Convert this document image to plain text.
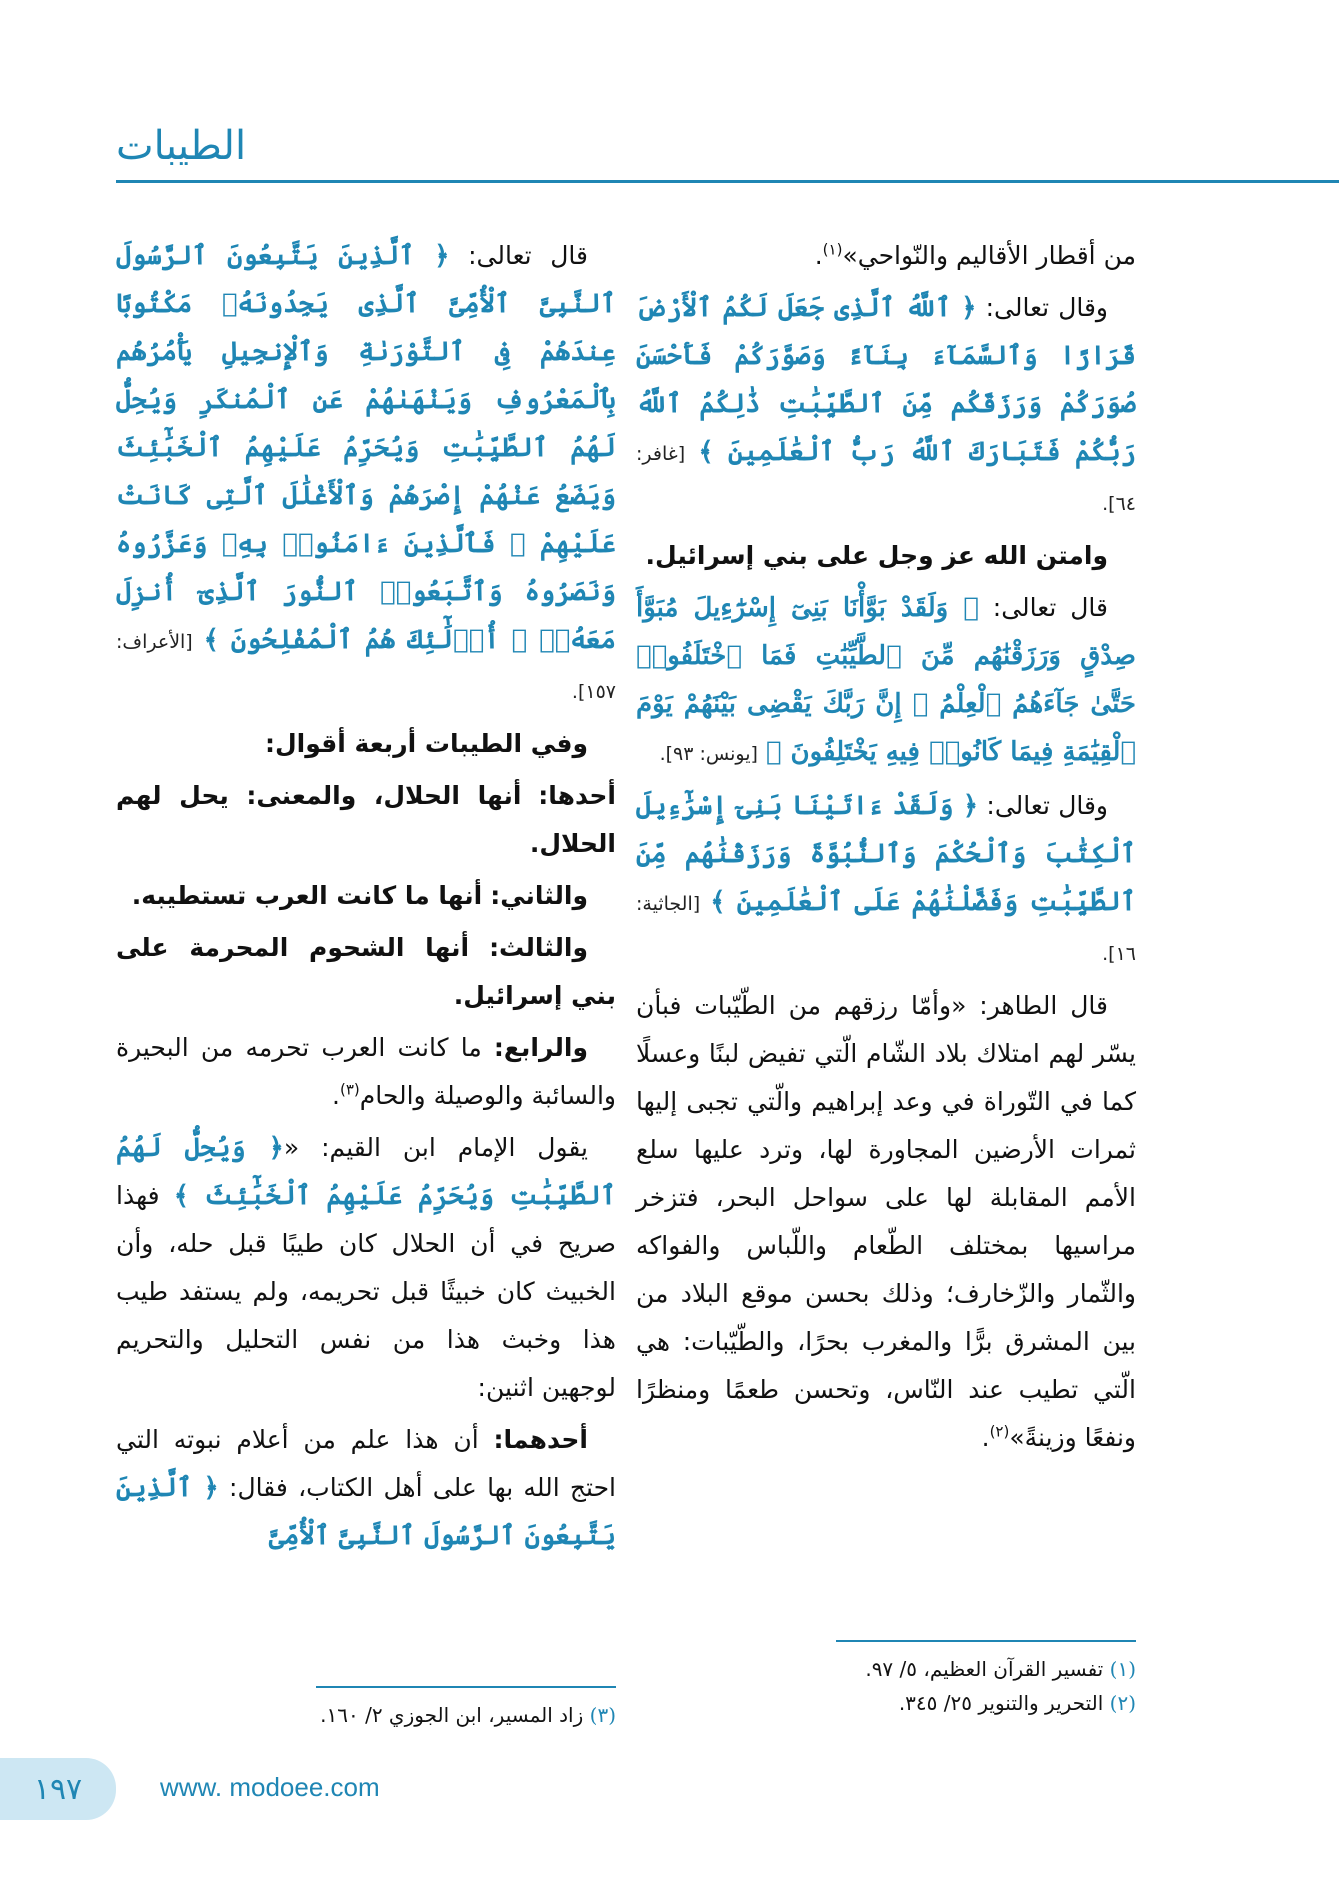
الطيبات

من أقطار الأقاليم والنّواحي»$^{(١)}$.

وقال تعالى: ﴿ ٱللَّهُ ٱلَّذِى جَعَلَ لَكُمُ ٱلْأَرْضَ قَرَارًا وَٱلسَّمَآءَ بِنَآءً وَصَوَّرَكُمْ فَأَحْسَنَ صُوَرَكُمْ وَرَزَقَكُم مِّنَ ٱلطَّيِّبَٰتِ ذَٰلِكُمُ ٱللَّهُ رَبُّكُمْ فَتَبَارَكَ ٱللَّهُ رَبُّ ٱلْعَٰلَمِينَ ﴾ [غافر: ٦٤].

وامتن الله عز وجل على بني إسرائيل.

قال تعالى: ﴿ وَلَقَدْ بَوَّأْنَا بَنِىٓ إِسْرَٰٓءِيلَ مُبَوَّأَ صِدْقٍ وَرَزَقْنَٰهُم مِّنَ ٱلطَّيِّبَٰتِ فَمَا ٱخْتَلَفُوا۟ حَتَّىٰ جَآءَهُمُ ٱلْعِلْمُ ۚ إِنَّ رَبَّكَ يَقْضِى بَيْنَهُمْ يَوْمَ ٱلْقِيَٰمَةِ فِيمَا كَانُوا۟ فِيهِ يَخْتَلِفُونَ ﴾ [يونس: ٩٣].

وقال تعالى: ﴿ وَلَقَدْ ءَاتَيْنَا بَنِىٓ إِسْرَٰٓءِيلَ ٱلْكِتَٰبَ وَٱلْحُكْمَ وَٱلنُّبُوَّةَ وَرَزَقْنَٰهُم مِّنَ ٱلطَّيِّبَٰتِ وَفَضَّلْنَٰهُمْ عَلَى ٱلْعَٰلَمِينَ ﴾ [الجاثية: ١٦].

قال الطاهر: «وأمّا رزقهم من الطّيّبات فبأن يسّر لهم امتلاك بلاد الشّام الّتي تفيض لبنًا وعسلًا كما في التّوراة في وعد إبراهيم والّتي تجبى إليها ثمرات الأرضين المجاورة لها، وترد عليها سلع الأمم المقابلة لها على سواحل البحر، فتزخر مراسيها بمختلف الطّعام واللّباس والفواكه والثّمار والزّخارف؛ وذلك بحسن موقع البلاد من بين المشرق برًّا والمغرب بحرًا، والطّيّبات: هي الّتي تطيب عند النّاس، وتحسن طعمًا ومنظرًا ونفعًا وزينةً»$^{(٢)}$.

قال تعالى: ﴿ ٱلَّذِينَ يَتَّبِعُونَ ٱلرَّسُولَ ٱلنَّبِىَّ ٱلْأُمِّىَّ ٱلَّذِى يَجِدُونَهُۥ مَكْتُوبًا عِندَهُمْ فِى ٱلتَّوْرَىٰةِ وَٱلْإِنجِيلِ يَأْمُرُهُم بِٱلْمَعْرُوفِ وَيَنْهَىٰهُمْ عَنِ ٱلْمُنكَرِ وَيُحِلُّ لَهُمُ ٱلطَّيِّبَٰتِ وَيُحَرِّمُ عَلَيْهِمُ ٱلْخَبَٰٓئِثَ وَيَضَعُ عَنْهُمْ إِصْرَهُمْ وَٱلْأَغْلَٰلَ ٱلَّتِى كَانَتْ عَلَيْهِمْ ۚ فَٱلَّذِينَ ءَامَنُوا۟ بِهِۦ وَعَزَّرُوهُ وَنَصَرُوهُ وَٱتَّبَعُوا۟ ٱلنُّورَ ٱلَّذِىٓ أُنزِلَ مَعَهُۥٓ ۙ أُو۟لَٰٓئِكَ هُمُ ٱلْمُفْلِحُونَ ﴾ [الأعراف: ١٥٧].

وفي الطيبات أربعة أقوال:

أحدها: أنها الحلال، والمعنى: يحل لهم الحلال.

والثاني: أنها ما كانت العرب تستطيبه.

والثالث: أنها الشحوم المحرمة على بني إسرائيل.

والرابع: ما كانت العرب تحرمه من البحيرة والسائبة والوصيلة والحام$^{(٣)}$.

يقول الإمام ابن القيم: «﴿ وَيُحِلُّ لَهُمُ ٱلطَّيِّبَٰتِ وَيُحَرِّمُ عَلَيْهِمُ ٱلْخَبَٰٓئِثَ ﴾ فهذا صريح في أن الحلال كان طيبًا قبل حله، وأن الخبيث كان خبيثًا قبل تحريمه، ولم يستفد طيب هذا وخبث هذا من نفس التحليل والتحريم لوجهين اثنين:

أحدهما: أن هذا علم من أعلام نبوته التي احتج الله بها على أهل الكتاب، فقال: ﴿ ٱلَّذِينَ يَتَّبِعُونَ ٱلرَّسُولَ ٱلنَّبِىَّ ٱلْأُمِّىَّ

(١) تفسير القرآن العظيم، ٥/ ٩٧.
(٢) التحرير والتنوير ٢٥/ ٣٤٥.
(٣) زاد المسير، ابن الجوزي ٢/ ١٦٠.
١٩٧	www. modoee.com
